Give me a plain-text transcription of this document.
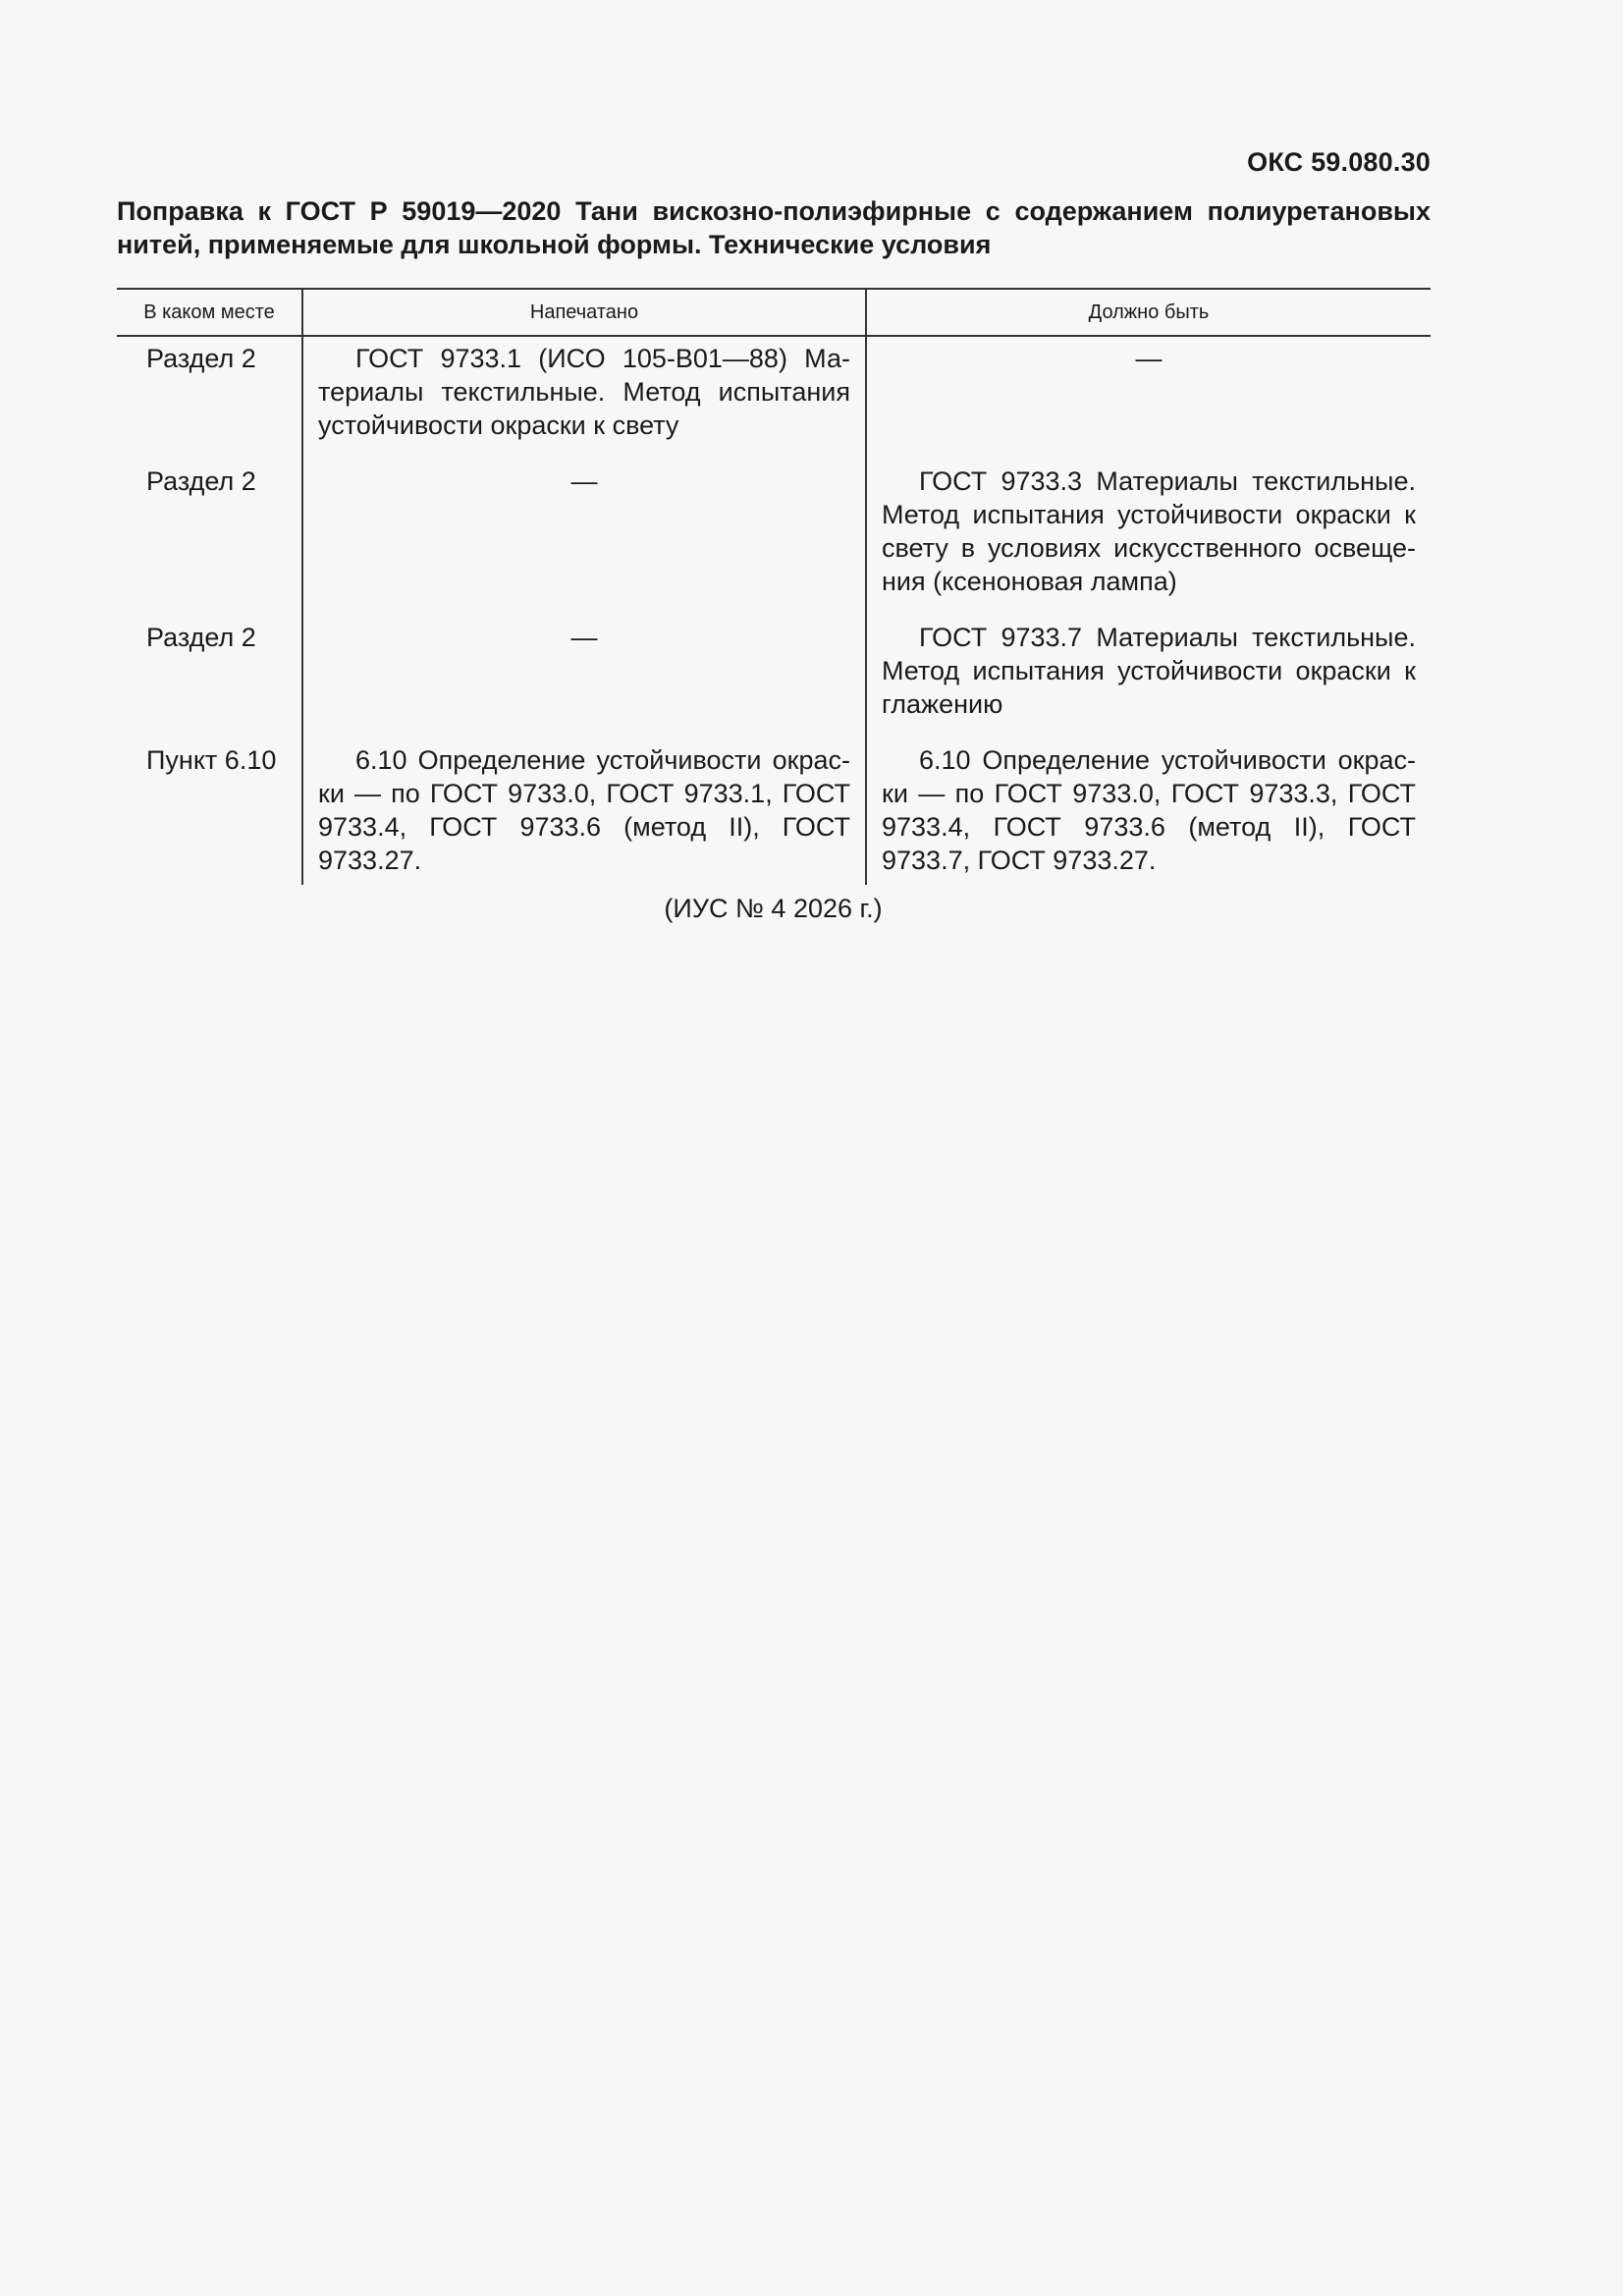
ОКС 59.080.30
Поправка к ГОСТ Р 59019—2020 Тани вискозно-полиэфирные с содержанием полиуретановых нитей, применяемые для школьной формы. Технические условия
В каком месте	Напечатано	Должно быть
Раздел 2	ГОСТ 9733.1 (ИСО 105-В01—88) Материалы текстильные. Метод испытания устойчивости окраски к свету	—
Раздел 2	—	ГОСТ 9733.3 Материалы текстильные. Метод испытания устойчивости окраски к свету в условиях искусственного освещения (ксеноновая лампа)
Раздел 2	—	ГОСТ 9733.7 Материалы текстильные. Метод испытания устойчивости окраски к глажению
Пункт 6.10	6.10 Определение устойчивости окраски — по ГОСТ 9733.0, ГОСТ 9733.1, ГОСТ 9733.4, ГОСТ 9733.6 (метод II), ГОСТ 9733.27.	6.10 Определение устойчивости окраски — по ГОСТ 9733.0, ГОСТ 9733.3, ГОСТ 9733.4, ГОСТ 9733.6 (метод II), ГОСТ 9733.7, ГОСТ 9733.27.
(ИУС № 4 2026 г.)
